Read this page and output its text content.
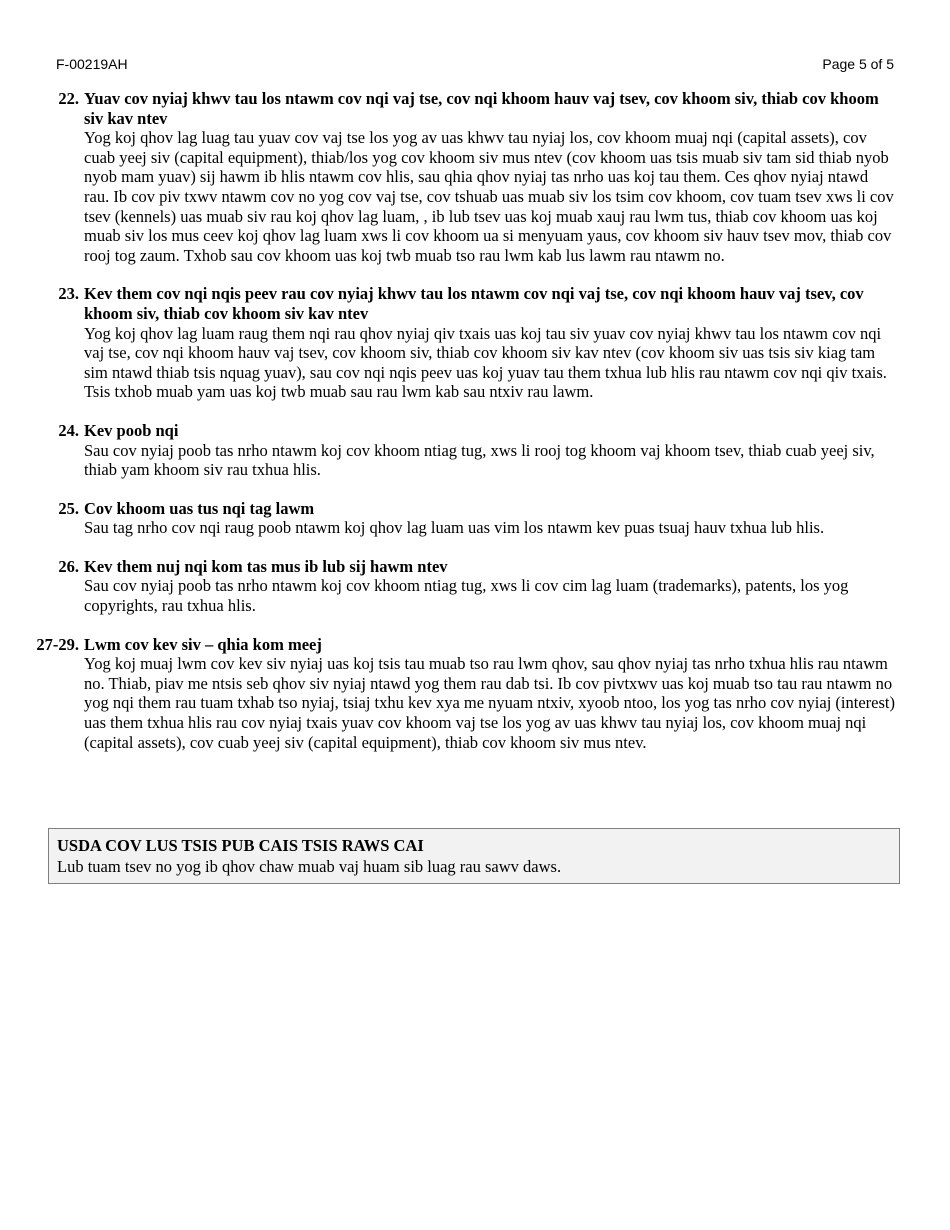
F-00219AH	Page 5 of 5
22. Yuav cov nyiaj khwv tau los ntawm cov nqi vaj tse, cov nqi khoom hauv vaj tsev, cov khoom siv, thiab cov khoom siv kav ntev

Yog koj qhov lag luag tau yuav cov vaj tse los yog av uas khwv tau nyiaj los, cov khoom muaj nqi (capital assets), cov cuab yeej siv (capital equipment), thiab/los yog cov khoom siv mus ntev (cov khoom uas tsis muab siv tam sid thiab nyob nyob mam yuav) sij hawm ib hlis ntawm cov hlis, sau qhia qhov nyiaj tas nrho uas koj tau them. Ces qhov nyiaj ntawd rau. Ib cov piv txwv ntawm cov no yog cov vaj tse, cov tshuab uas muab siv los tsim cov khoom, cov tuam tsev xws li cov tsev (kennels) uas muab siv rau koj qhov lag luam, , ib lub tsev uas koj muab xauj rau lwm tus, thiab cov khoom uas koj muab siv los mus ceev koj qhov lag luam xws li cov khoom ua si menyuam yaus, cov khoom siv hauv tsev mov, thiab cov rooj tog zaum. Txhob sau cov khoom uas koj twb muab tso rau lwm kab lus lawm rau ntawm no.

23. Kev them cov nqi nqis peev rau cov nyiaj khwv tau los ntawm cov nqi vaj tse, cov nqi khoom hauv vaj tsev, cov khoom siv, thiab cov khoom siv kav ntev

Yog koj qhov lag luam raug them nqi rau qhov nyiaj qiv txais uas koj tau siv yuav cov nyiaj khwv tau los ntawm cov nqi vaj tse, cov nqi khoom hauv vaj tsev, cov khoom siv, thiab cov khoom siv kav ntev (cov khoom siv uas tsis siv kiag tam sim ntawd thiab tsis nquag yuav), sau cov nqi nqis peev uas koj yuav tau them txhua lub hlis rau ntawm cov nqi qiv txais. Tsis txhob muab yam uas koj twb muab sau rau lwm kab sau ntxiv rau lawm.

24. Kev poob nqi

Sau cov nyiaj poob tas nrho ntawm koj cov khoom ntiag tug, xws li rooj tog khoom vaj khoom tsev, thiab cuab yeej siv, thiab yam khoom siv rau txhua hlis.

25. Cov khoom uas tus nqi tag lawm

Sau tag nrho cov nqi raug poob ntawm koj qhov lag luam uas vim los ntawm kev puas tsuaj hauv txhua lub hlis.

26. Kev them nuj nqi kom tas mus ib lub sij hawm ntev

Sau cov nyiaj poob tas nrho ntawm koj cov khoom ntiag tug, xws li cov cim lag luam (trademarks), patents, los yog copyrights, rau txhua hlis.

27-29. Lwm cov kev siv – qhia kom meej

Yog koj muaj lwm cov kev siv nyiaj uas koj tsis tau muab tso rau lwm qhov, sau qhov nyiaj tas nrho txhua hlis rau ntawm no. Thiab, piav me ntsis seb qhov siv nyiaj ntawd yog them rau dab tsi. Ib cov pivtxwv uas koj muab tso tau rau ntawm no yog nqi them rau tuam txhab tso nyiaj, tsiaj txhu kev xya me nyuam ntxiv, xyoob ntoo, los yog tas nrho cov nyiaj (interest) uas them txhua hlis rau cov nyiaj txais yuav cov khoom vaj tse los yog av uas khwv tau nyiaj los, cov khoom muaj nqi (capital assets), cov cuab yeej siv (capital equipment), thiab cov khoom siv mus ntev.

USDA COV LUS TSIS PUB CAIS TSIS RAWS CAI
Lub tuam tsev no yog ib qhov chaw muab vaj huam sib luag rau sawv daws.
